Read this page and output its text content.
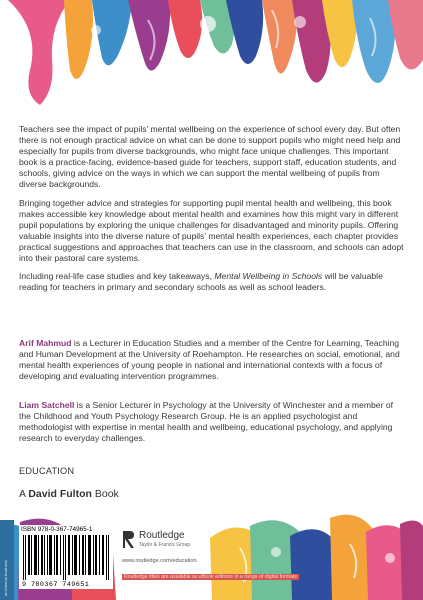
Teachers see the impact of pupils’ mental wellbeing on the experience of school every day. But often there is not enough practical advice on what can be done to support pupils who might need help and especially for pupils from diverse backgrounds, who might face unique challenges. This important book is a practice-facing, evidence-based guide for teachers, support staff, education students, and schools, giving advice on the ways in which we can support the mental wellbeing of pupils from diverse backgrounds.

Bringing together advice and strategies for supporting pupil mental health and wellbeing, this book makes accessible key knowledge about mental health and examines how this might vary in different pupil populations by exploring the unique challenges for disadvantaged and minority pupils. Offering valuable insights into the diverse nature of pupils’ mental health experiences, each chapter provides practical suggestions and approaches that teachers can use in the classroom, and schools can adopt into their pastoral care systems.

Including real-life case studies and key takeaways, Mental Wellbeing in Schools will be valuable reading for teachers in primary and secondary schools as well as school leaders.

Arif Mahmud is a Lecturer in Education Studies and a member of the Centre for Learning, Teaching and Human Development at the University of Roehampton. He researches on social, emotional, and mental health experiences of young people in national and international contexts with a focus of developing and evaluating intervention programmes.
Liam Satchell is a Senior Lecturer in Psychology at the University of Winchester and a member of the Childhood and Youth Psychology Research Group. He is an applied psychologist and methodologist with expertise in mental health and wellbeing, educational psychology, and applying research to everyday challenges.
EDUCATION
A David Fulton Book
an informa business
ISBN 978-0-367-74965-1
9 780367 749651
Routledge
Taylor & Francis Group
www.routledge.com/education
Routledge titles are available as eBook editions in a range of digital formats
